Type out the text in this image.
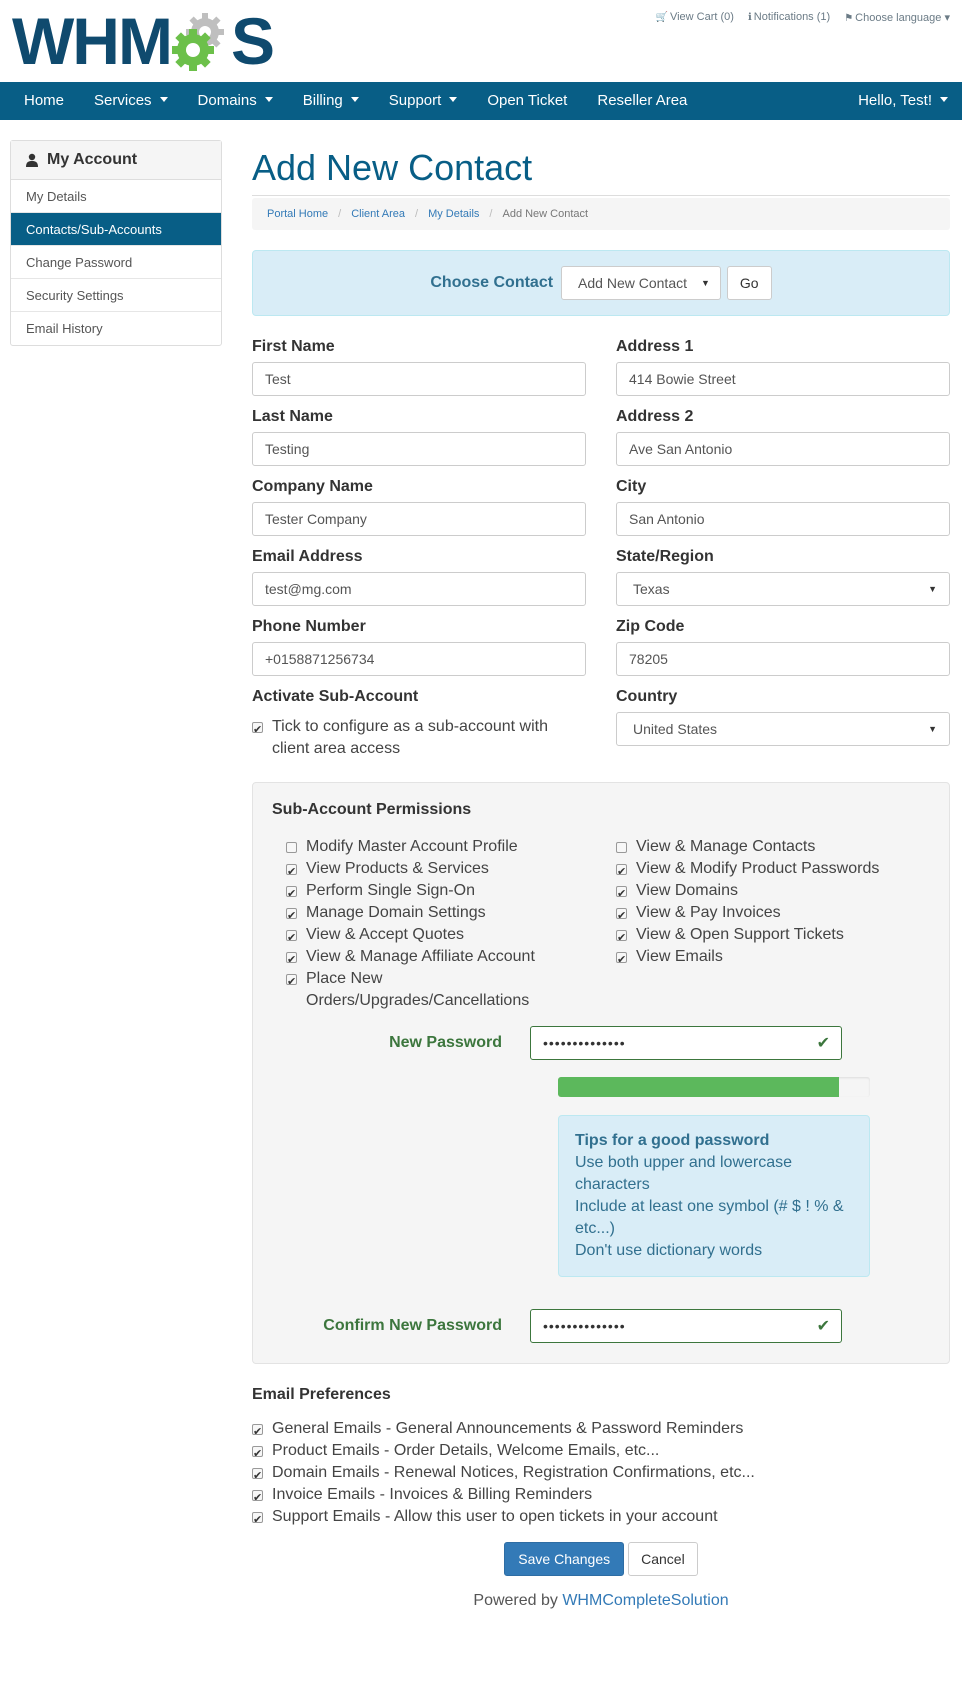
WHM S	🛒 View Cart (0) ℹ Notifications (1) ⚑ Choose language ▾
Home	Services	Domains	Billing	Support	Open Ticket	Reseller Area	Hello, Test!
My Account
My Details
Contacts/Sub-Accounts
Change Password
Security Settings
Email History
Add New Contact
Portal Home / Client Area / My Details / Add New Contact
Choose Contact Add New Contact ▼	Go
First Name
Test
Last Name
Testing
Company Name
Tester Company
Email Address
test@mg.com
Phone Number
+0158871256734
Activate Sub-Account
✔
Tick to configure as a sub-account with
client area access
Address 1
414 Bowie Street
Address 2
Ave San Antonio
City
San Antonio
State/Region
Texas	▼
Zip Code
78205
Country
United States	▼
Sub-Account Permissions
Modify Master Account Profile
✔
View Products & Services
✔
Perform Single Sign-On
✔
Manage Domain Settings
✔
View & Accept Quotes
✔
View & Manage Affiliate Account
✔
Place New
Orders/Upgrades/Cancellations
View & Manage Contacts
✔
View & Modify Product Passwords
✔
View Domains
✔
View & Pay Invoices
✔
View & Open Support Tickets
✔
View Emails
New Password	••••••••••••••	✔
Tips for a good password
Use both upper and lowercase
characters
Include at least one symbol (# $ ! % &
etc...)
Don't use dictionary words
Confirm New Password	••••••••••••••	✔
Email Preferences
✔
General Emails - General Announcements & Password Reminders
✔
Product Emails - Order Details, Welcome Emails, etc...
✔
Domain Emails - Renewal Notices, Registration Confirmations, etc...
✔
Invoice Emails - Invoices & Billing Reminders
✔
Support Emails - Allow this user to open tickets in your account
Save Changes	Cancel
Powered by WHMCompleteSolution
